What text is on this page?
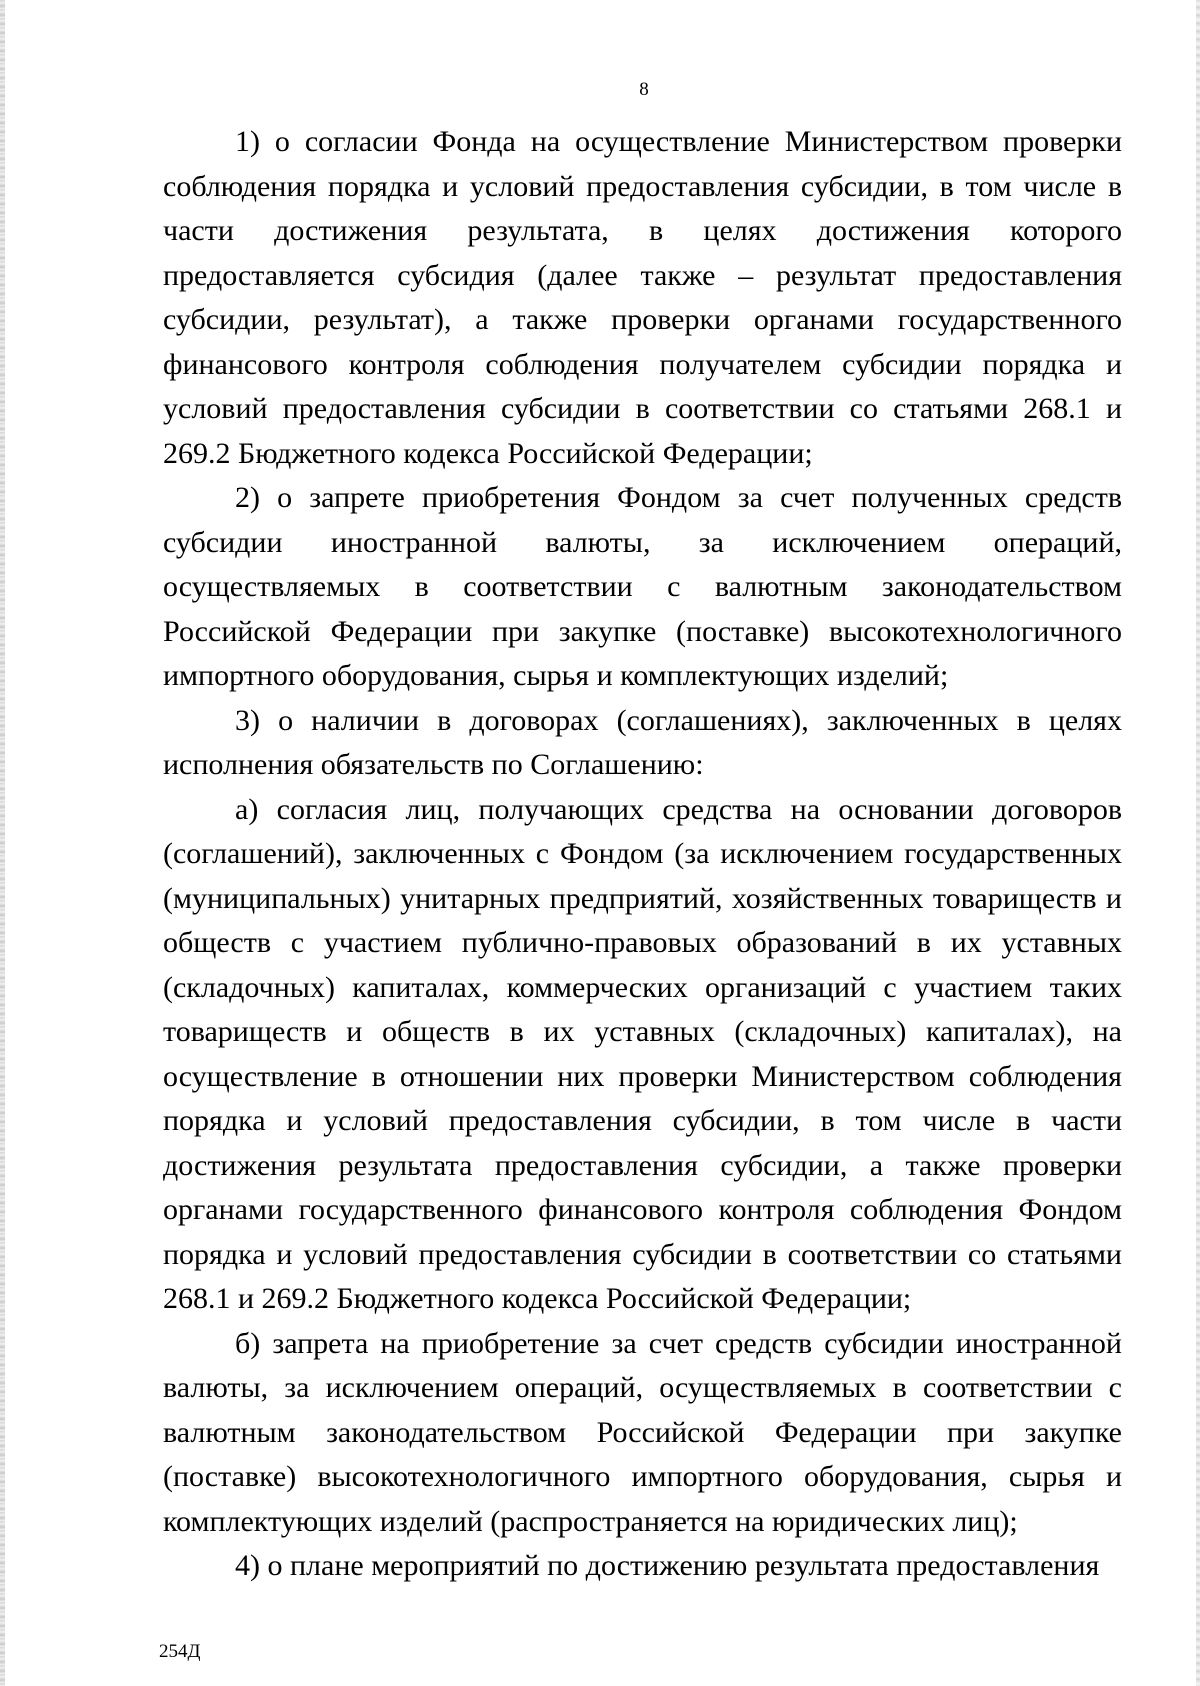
8

1) о согласии Фонда на осуществление Министерством проверки соблюдения порядка и условий предоставления субсидии, в том числе в части достижения результата, в целях достижения которого предоставляется субсидия (далее также – результат предоставления субсидии, результат), а также проверки органами государственного финансового контроля соблюдения получателем субсидии порядка и условий предоставления субсидии в соответствии со статьями 268.1 и 269.2 Бюджетного кодекса Российской Федерации;

2) о запрете приобретения Фондом за счет полученных средств субсидии иностранной валюты, за исключением операций, осуществляемых в соответствии с валютным законодательством Российской Федерации при закупке (поставке) высокотехнологичного импортного оборудования, сырья и комплектующих изделий;

3) о наличии в договорах (соглашениях), заключенных в целях исполнения обязательств по Соглашению:

а) согласия лиц, получающих средства на основании договоров (соглашений), заключенных с Фондом (за исключением государственных (муниципальных) унитарных предприятий, хозяйственных товариществ и обществ с участием публично-правовых образований в их уставных (складочных) капиталах, коммерческих организаций с участием таких товариществ и обществ в их уставных (складочных) капиталах), на осуществление в отношении них проверки Министерством соблюдения порядка и условий предоставления субсидии, в том числе в части достижения результата предоставления субсидии, а также проверки органами государственного финансового контроля соблюдения Фондом порядка и условий предоставления субсидии в соответствии со статьями 268.1 и 269.2 Бюджетного кодекса Российской Федерации;

б) запрета на приобретение за счет средств субсидии иностранной валюты, за исключением операций, осуществляемых в соответствии с валютным законодательством Российской Федерации при закупке (поставке) высокотехнологичного импортного оборудования, сырья и комплектующих изделий (распространяется на юридических лиц);

4) о плане мероприятий по достижению результата предоставления

254Д
